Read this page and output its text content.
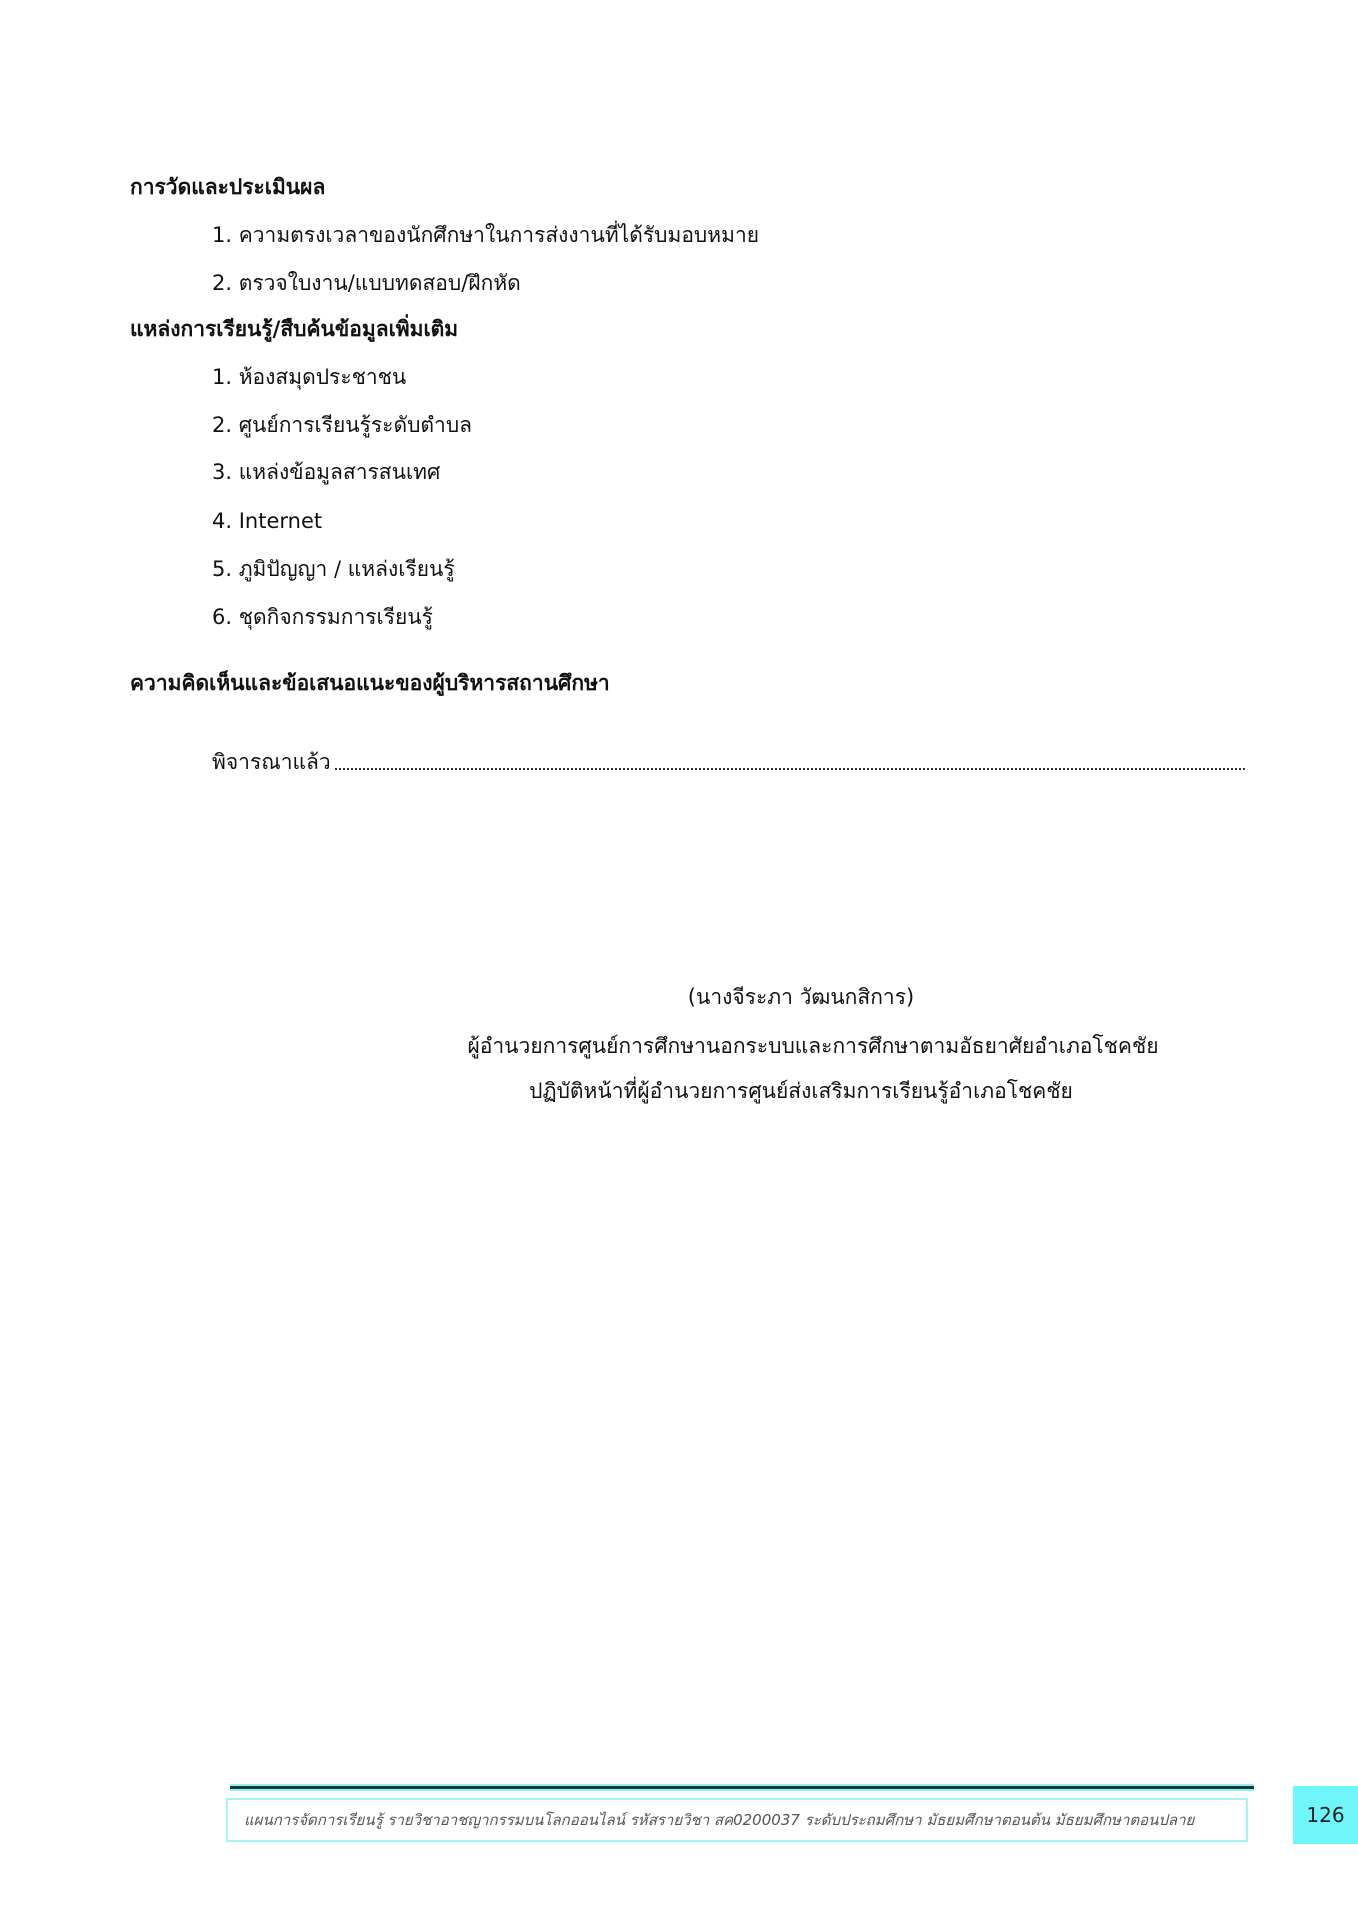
การวัดและประเมินผล
1. ความตรงเวลาของนักศึกษาในการส่งงานที่ได้รับมอบหมาย
2. ตรวจใบงาน/แบบทดสอบ/ฝึกหัด
แหล่งการเรียนรู้/สืบค้นข้อมูลเพิ่มเติม
1. ห้องสมุดประชาชน
2. ศูนย์การเรียนรู้ระดับตำบล
3. แหล่งข้อมูลสารสนเทศ
4. Internet
5. ภูมิปัญญา / แหล่งเรียนรู้
6. ชุดกิจกรรมการเรียนรู้
ความคิดเห็นและข้อเสนอแนะของผู้บริหารสถานศึกษา
พิจารณาแล้ว
(นางจีระภา วัฒนกสิการ)
ผู้อำนวยการศูนย์การศึกษานอกระบบและการศึกษาตามอัธยาศัยอำเภอโชคชัย
ปฏิบัติหน้าที่ผู้อำนวยการศูนย์ส่งเสริมการเรียนรู้อำเภอโชคชัย
แผนการจัดการเรียนรู้ รายวิชาอาชญากรรมบนโลกออนไลน์ รหัสรายวิชา สค0200037 ระดับประถมศึกษา มัธยมศึกษาตอนต้น มัธยมศึกษาตอนปลาย	126
